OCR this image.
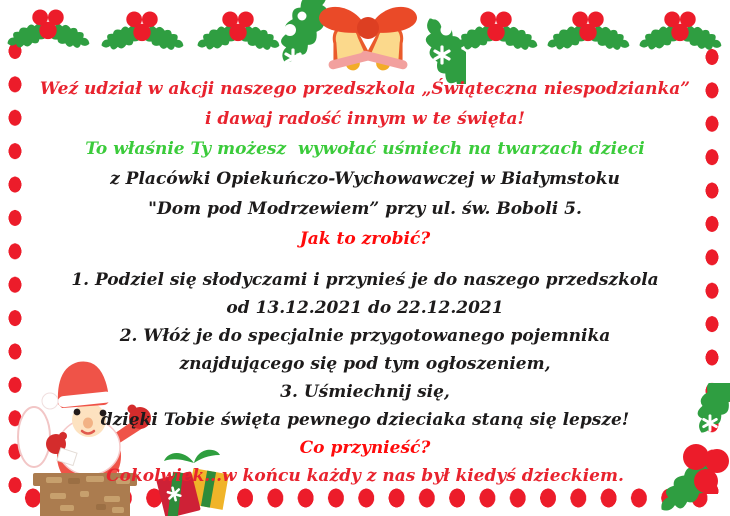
Weź udział w akcji naszego przedszkola „Świąteczna niespodzianka”
i dawaj radość innym w te święta!
To właśnie Ty możesz  wywołać uśmiech na twarzach dzieci
z Placówki Opiekuńczo-Wychowawczej w Białymstoku
"Dom pod Modrzewiem” przy ul. św. Boboli 5.
Jak to zrobić?
1. Podziel się słodyczami i przynieś je do naszego przedszkola
od 13.12.2021 do 22.12.2021
2. Włóż je do specjalnie przygotowanego pojemnika
znajdującego się pod tym ogłoszeniem,
3. Uśmiechnij się,
dzięki Tobie święta pewnego dzieciaka staną się lepsze!
Co przynieść?
Cokolwiek...w końcu każdy z nas był kiedyś dzieckiem.
